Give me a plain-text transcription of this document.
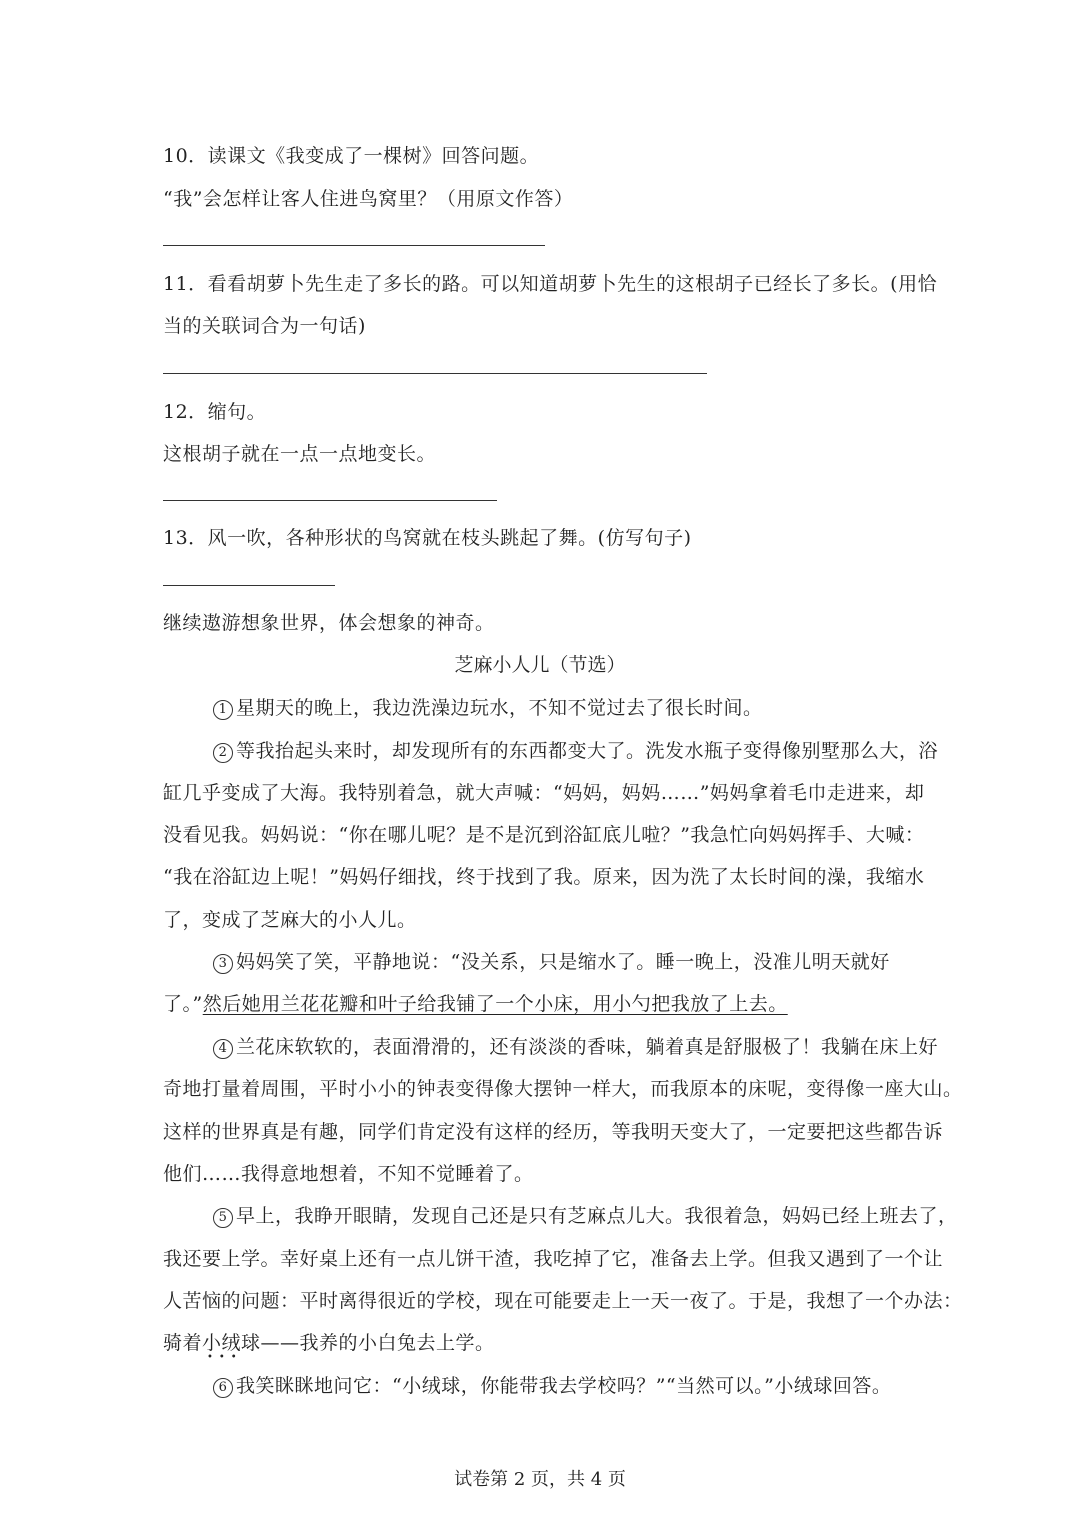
10．读课文《我变成了一棵树》回答问题。
“我”会怎样让客人住进鸟窝里？（用原文作答）
11．看看胡萝卜先生走了多长的路。可以知道胡萝卜先生的这根胡子已经长了多长。(用恰
当的关联词合为一句话)
12．缩句。
这根胡子就在一点一点地变长。
13．风一吹，各种形状的鸟窝就在枝头跳起了舞。(仿写句子)
继续遨游想象世界，体会想象的神奇。
芝麻小人儿（节选）
1 星期天的晚上，我边洗澡边玩水，不知不觉过去了很长时间。
2 等我抬起头来时，却发现所有的东西都变大了。洗发水瓶子变得像别墅那么大，浴
缸几乎变成了大海。我特别着急，就大声喊：“妈妈，妈妈……”妈妈拿着毛巾走进来，却
没看见我。妈妈说：“你在哪儿呢？是不是沉到浴缸底儿啦？”我急忙向妈妈挥手、大喊：
“我在浴缸边上呢！”妈妈仔细找，终于找到了我。原来，因为洗了太长时间的澡，我缩水
了，变成了芝麻大的小人儿。
3 妈妈笑了笑，平静地说：“没关系，只是缩水了。睡一晚上，没准儿明天就好
了。”然后她用兰花花瓣和叶子给我铺了一个小床，用小勺把我放了上去。
4 兰花床软软的，表面滑滑的，还有淡淡的香味，躺着真是舒服极了！我躺在床上好
奇地打量着周围，平时小小的钟表变得像大摆钟一样大，而我原本的床呢，变得像一座大山。
这样的世界真是有趣，同学们肯定没有这样的经历，等我明天变大了，一定要把这些都告诉
他们……我得意地想着，不知不觉睡着了。
5 早上，我睁开眼睛，发现自己还是只有芝麻点儿大。我很着急，妈妈已经上班去了，
我还要上学。幸好桌上还有一点儿饼干渣，我吃掉了它，准备去上学。但我又遇到了一个让
人苦恼的问题：平时离得很近的学校，现在可能要走上一天一夜了。于是，我想了一个办法：
骑着小绒球——我养的小白兔去上学。
•••
6 我笑眯眯地问它：“小绒球，你能带我去学校吗？”“当然可以。”小绒球回答。
试卷第 2 页，共 4 页
